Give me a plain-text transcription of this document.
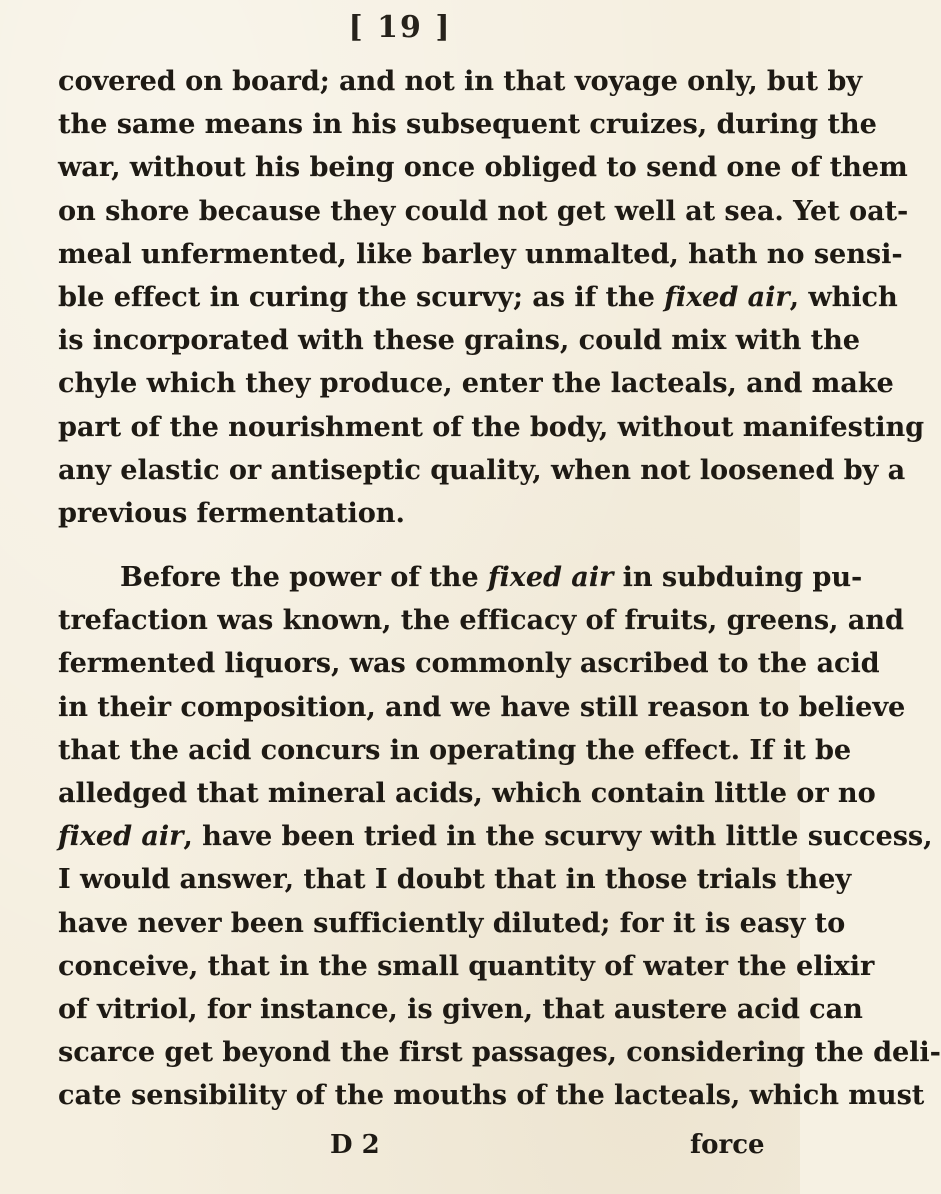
[ 19 ]
covered on board; and not in that voyage only, but by
the same means in his subsequent cruizes, during the
war, without his being once obliged to send one of them
on shore because they could not get well at sea. Yet oat-
meal unfermented, like barley unmalted, hath no sensi-
ble effect in curing the scurvy; as if the fixed air, which
is incorporated with these grains, could mix with the
chyle which they produce, enter the lacteals, and make
part of the nourishment of the body, without manifesting
any elastic or antiseptic quality, when not loosened by a
previous fermentation.
Before the power of the fixed air in subduing pu-
trefaction was known, the efficacy of fruits, greens, and
fermented liquors, was commonly ascribed to the acid
in their composition, and we have still reason to believe
that the acid concurs in operating the effect. If it be
alledged that mineral acids, which contain little or no
fixed air, have been tried in the scurvy with little success,
I would answer, that I doubt that in those trials they
have never been sufficiently diluted; for it is easy to
conceive, that in the small quantity of water the elixir
of vitriol, for instance, is given, that austere acid can
scarce get beyond the first passages, considering the deli-
cate sensibility of the mouths of the lacteals, which must
D 2	force
